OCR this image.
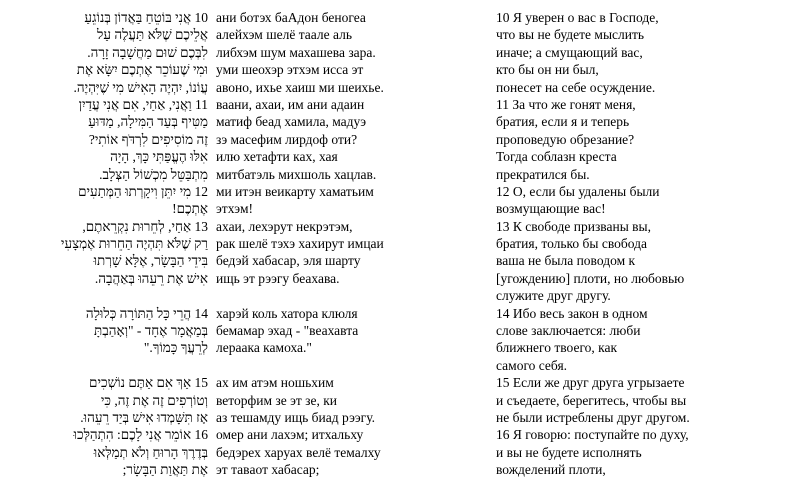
10 אֲנִי בּוֹטֵחַ בַּאֲדוֹן בְּנוֹגֵעַ
אֲלֵיכֶם שֶׁלֹּא תַּעֲלֶה עַל
לִבְּכֶם שׁוּם מַחֲשָׁבָה זָרָה.
וּמִי שֶׁעוֹכֵר אֶתְכֶם יִשָּׂא אֶת
עֲוֹנוֹ, יִהְיֶה הָאִישׁ מִי שֶׁיִּהְיֶה.
11 וַאֲנִי, אַחַי, אִם אֲנִי עֲדַיִן
מַטִּיף בְּעַד הַמִּילָה, מַדּוּעַ
זֶה מוֹסִיפִים לִרְדֹּף אוֹתִי?
אִלּוּ הֶעֱפַּתִּי כָּךְ, הָיָה
מִתְבַּטֵּל מִכְשׁוֹל הַצְּלָב.
12 מִי יִתֵּן וִיקָרְתוּ הַמְּתַעִים
אֶתְכֶם!
13 אַחַי, לְחֵרוּת נִקְרֵאתֶם,
רַק שֶׁלֹּא תִּהְיֶה הַחֵרוּת אֶמְצָעִי
בִּידֵי הַבָּשָׂר, אֶלָּא שָׁרְתוּ
אִישׁ אֶת רֵעֵהוּ בְּאַהֲבָה.
14 הֲרֵי כָּל הַתּוֹרָה כְּלוּלָה
בְּמַאֲמָר אֶחָד - "וְאָהַבְתָּ
לְרֵעֲךָ כָּמוֹךָ."
15 אַךְ אִם אַתֶּם נוֹשְׁכִים
וְטוֹרְפִים זֶה אֶת זֶה, כִּי
אָז תִּשָּׁמְדוּ אִישׁ בְּיַד רֵעֵהוּ.
16 אוֹמֵר אֲנִי לָכֶם: הִתְהַלְּכוּ
בְּדֶרֶךְ הָרוּחַ וְלֹא תְמַלְּאוּ
אֶת תַּאֲוַת הַבָּשָׂר;
ани ботэх баАдон беногеа
алейхэм шелё таале аль
либхэм шум махашева зара.
уми шеохэр этхэм исса эт
авоно, ихье хаиш ми шеихье.
ваани, ахаи, им ани адаин
матиф беад хамила, мадуэ
зэ масефим лирдоф оти?
илю хетафти ках, хая
митбатэль михшоль хацлав.
ми итэн веикарту хаматьим
этхэм!
ахаи, лехэрут некрэтэм,
рак шелё тэхэ хахирут имцаи
бедэй хабасар, эля шарту
ищь эт рээгу беахава.
харэй коль хатора клюля
бемамар эхад - "веахавта
лераака камоха."
ах им атэм ношьхим
веторфим зе эт зе, ки
аз тешамду ищь биад рээгу.
омер ани лахэм; итхальху
бедэрех харуах велё темалху
эт тавaот хабасар;
10 Я уверен о вас в Господе,
что вы не будете мыслить
иначе; а смущающий вас,
кто бы он ни был,
понесет на себе осуждение.
11 За что же гонят меня,
братия, если я и теперь
проповедую обрезание?
Тогда соблазн креста
прекратился бы.
12 О, если бы удалены были
возмущающие вас!
13 К свободе призваны вы,
братия, только бы свобода
ваша не была поводом к
[угождению] плоти, но любовью
служите друг другу.
14 Ибо весь закон в одном
слове заключается: люби
ближнего твоего, как
самого себя.
15 Если же друг друга угрызаете
и съедаете, берегитесь, чтобы вы
не были истреблены друг другом.
16 Я говорю: поступайте по духу,
и вы не будете исполнять
вожделений плоти,
